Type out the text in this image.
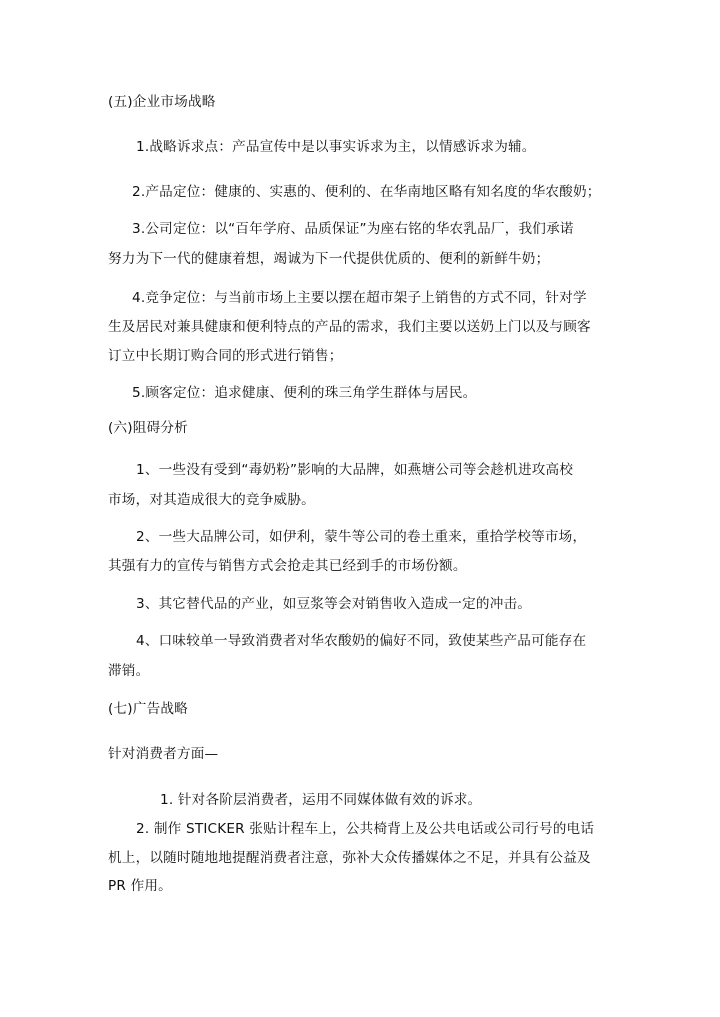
(五)企业市场战略
1.战略诉求点：产品宣传中是以事实诉求为主，以情感诉求为辅。
2.产品定位：健康的、实惠的、便利的、在华南地区略有知名度的华农酸奶；
3.公司定位：以“百年学府、品质保证”为座右铭的华农乳品厂，我们承诺
努力为下一代的健康着想，竭诚为下一代提供优质的、便利的新鲜牛奶；
4.竞争定位：与当前市场上主要以摆在超市架子上销售的方式不同，针对学
生及居民对兼具健康和便利特点的产品的需求，我们主要以送奶上门以及与顾客
订立中长期订购合同的形式进行销售；
5.顾客定位：追求健康、便利的珠三角学生群体与居民。
(六)阻碍分析
1、一些没有受到“毒奶粉”影响的大品牌，如燕塘公司等会趁机进攻高校
市场，对其造成很大的竞争威胁。
2、一些大品牌公司，如伊利，蒙牛等公司的卷土重来，重拾学校等市场，
其强有力的宣传与销售方式会抢走其已经到手的市场份额。
3、其它替代品的产业，如豆浆等会对销售收入造成一定的冲击。
4、口味较单一导致消费者对华农酸奶的偏好不同，致使某些产品可能存在
滞销。
(七)广告战略
针对消费者方面—
1. 针对各阶层消费者，运用不同媒体做有效的诉求。
2. 制作 STICKER 张贴计程车上，公共椅背上及公共电话或公司行号的电话
机上，以随时随地地提醒消费者注意，弥补大众传播媒体之不足，并具有公益及
PR 作用。
